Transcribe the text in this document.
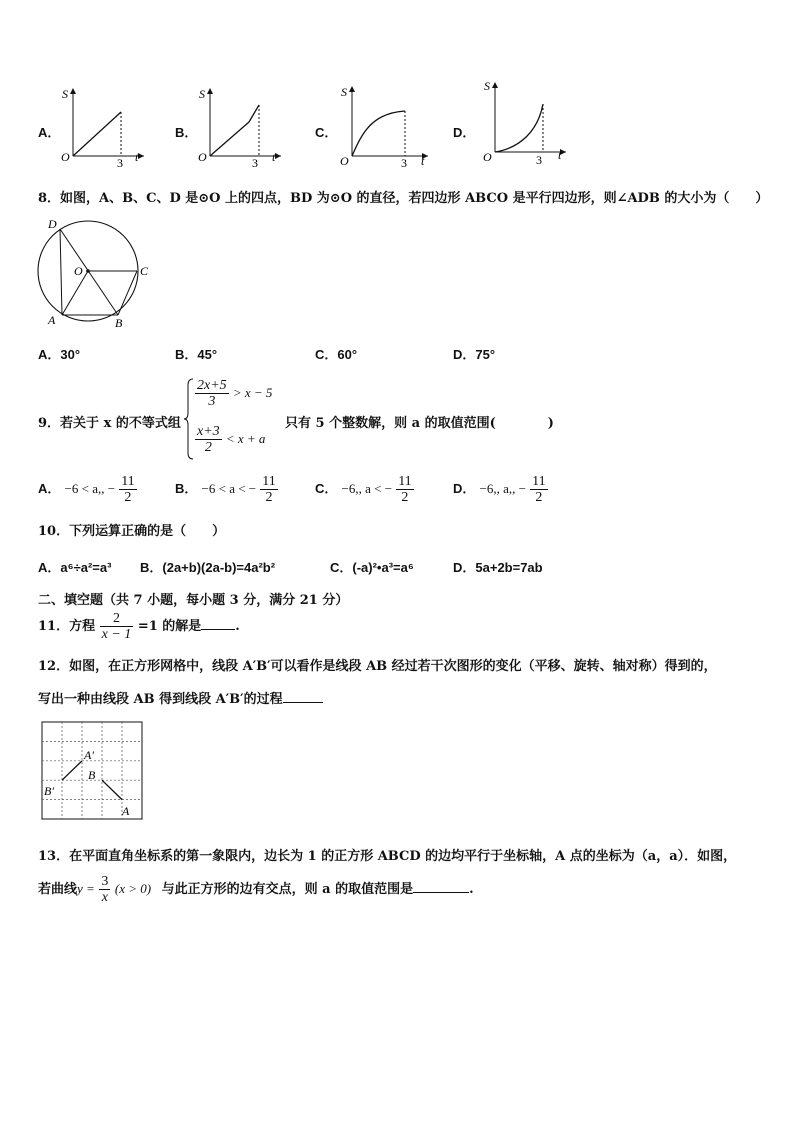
A．
S
t
O	3
B．
S
t
O	3
C．
S
t
O	3
D．
S
t
O	3
8．如图，A、B、C、D 是⊙O 上的四点，BD 为⊙O 的直径，若四边形 ABCO 是平行四边形，则∠ADB 的大小为（　　）
D
O	C
A	B
A．30°	B．45°	C．60°	D．75°
9．若关于 x 的不等式组
$\frac{2x+5}{3} > x - 5$
$\frac{x+3}{2} < x + a$
只有 5 个整数解，则 a 的取值范围(　　　　)
A． −6 < a,, − $\frac{11}{2}$	B． −6 < a < − $\frac{11}{2}$	C． −6,, a < − $\frac{11}{2}$	D． −6,, a,, − $\frac{11}{2}$
10．下列运算正确的是（　　）
A．a⁶÷a²=a³ B．(2a+b)(2a-b)=4a²b²	C．(-a)²•a³=a⁶	D．5a+2b=7ab
二、填空题（共 7 小题，每小题 3 分，满分 21 分）
11．方程 $\frac{2}{x - 1} =1$ 的解是	.
12．如图，在正方形网格中，线段 A′B′可以看作是线段 AB 经过若干次图形的变化（平移、旋转、轴对称）得到的，
写出一种由线段 AB 得到线段 A′B′的过程
A′
B
B′
A
13．在平面直角坐标系的第一象限内，边长为 1 的正方形 ABCD 的边均平行于坐标轴，A 点的坐标为（a，a）．如图，
若曲线$y = \frac{3}{x} (x > 0)$ 与此正方形的边有交点，则 a 的取值范围是	.
